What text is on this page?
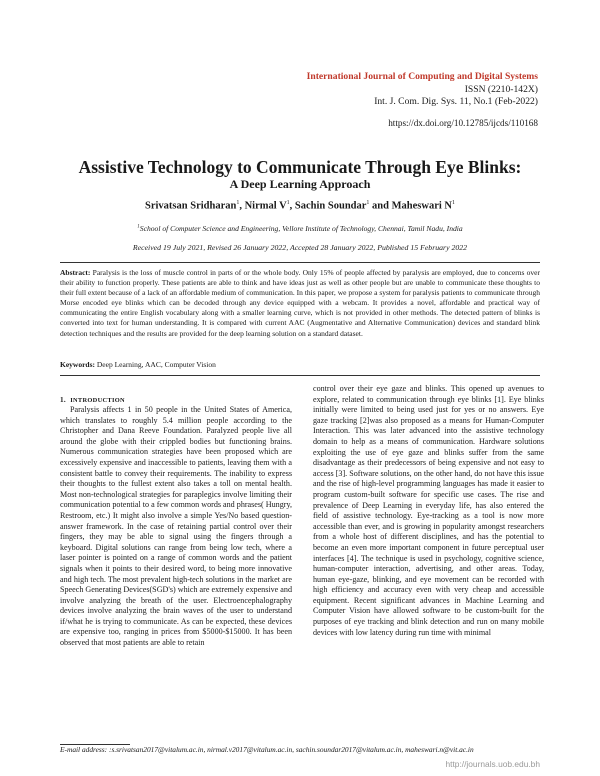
International Journal of Computing and Digital Systems
ISSN (2210-142X)
Int. J. Com. Dig. Sys. 11, No.1 (Feb-2022)
https://dx.doi.org/10.12785/ijcds/110168
Assistive Technology to Communicate Through Eye Blinks:
A Deep Learning Approach
Srivatsan Sridharan$^1$, Nirmal $V^1$, Sachin Soundar$^1$ and Maheswari $N^1$
$^1$School of Computer Science and Engineering, Vellore Institute of Technology, Chennai, Tamil Nadu, India
Received 19 July 2021, Revised 26 January 2022, Accepted 28 January 2022, Published 15 February 2022
Abstract: Paralysis is the loss of muscle control in parts of or the whole body. Only 15% of people affected by paralysis are employed, due to concerns over their ability to function properly. These patients are able to think and have ideas just as well as other people but are unable to communicate these thoughts to their full extent because of a lack of an affordable medium of communication. In this paper, we propose a system for paralysis patients to communicate through Morse encoded eye blinks which can be decoded through any device equipped with a webcam. It provides a novel, affordable and practical way of communicating the entire English vocabulary along with a smaller learning curve, which is not provided in other methods. The detected pattern of blinks is converted into text for human understanding. It is compared with current AAC (Augmentative and Alternative Communication) devices and standard blink detection techniques and the results are provided for the deep learning solution on a standard dataset.
Keywords: Deep Learning, AAC, Computer Vision
1. INTRODUCTION

Paralysis affects 1 in 50 people in the United States of America, which translates to roughly 5.4 million people according to the Christopher and Dana Reeve Foundation. Paralyzed people live all around the globe with their crippled bodies but functioning brains. Numerous communication strategies have been proposed which are excessively expensive and inaccessible to patients, leaving them with a consistent battle to convey their requirements. The inability to express their thoughts to the fullest extent also takes a toll on mental health. Most non-technological strategies for paraplegics involve limiting their communication potential to a few common words and phrases( Hungry, Restroom, etc.) It might also involve a simple Yes/No based question-answer framework. In the case of retaining partial control over their fingers, they may be able to signal using the fingers through a keyboard. Digital solutions can range from being low tech, where a laser pointer is pointed on a range of common words and the patient signals when it points to their desired word, to being more innovative and high tech. The most prevalent high-tech solutions in the market are Speech Generating Devices(SGD's) which are extremely expensive and involve analyzing the breath of the user. Electroencephalography devices involve analyzing the brain waves of the user to understand if/what he is trying to communicate. As can be expected, these devices are expensive too, ranging in prices from $5000-$15000. It has been observed that most patients are able to retain

control over their eye gaze and blinks. This opened up avenues to explore, related to communication through eye blinks [1]. Eye blinks initially were limited to being used just for yes or no answers. Eye gaze tracking [2]was also proposed as a means for Human-Computer Interaction. This was later advanced into the assistive technology domain to help as a means of communication. Hardware solutions exploiting the use of eye gaze and blinks suffer from the same disadvantage as their predecessors of being expensive and not easy to access [3]. Software solutions, on the other hand, do not have this issue and the rise of high-level programming languages has made it easier to program custom-built software for specific use cases. The rise and prevalence of Deep Learning in everyday life, has also entered the field of assistive technology. Eye-tracking as a tool is now more accessible than ever, and is growing in popularity amongst researchers from a whole host of different disciplines, and has the potential to become an even more important component in future perceptual user interfaces [4]. The technique is used in psychology, cognitive science, human-computer interaction, advertising, and other areas. Today, human eye-gaze, blinking, and eye movement can be recorded with high efficiency and accuracy even with very cheap and accessible equipment. Recent significant advances in Machine Learning and Computer Vision have allowed software to be custom-built for the purposes of eye tracking and blink detection and run on many mobile devices with low latency during run time with minimal

E-mail address: :s.srivatsan2017@vitalum.ac.in, nirmal.v2017@vitalum.ac.in, sachin.soundar2017@vitalum.ac.in, maheswari.n@vit.ac.in
http://journals.uob.edu.bh
